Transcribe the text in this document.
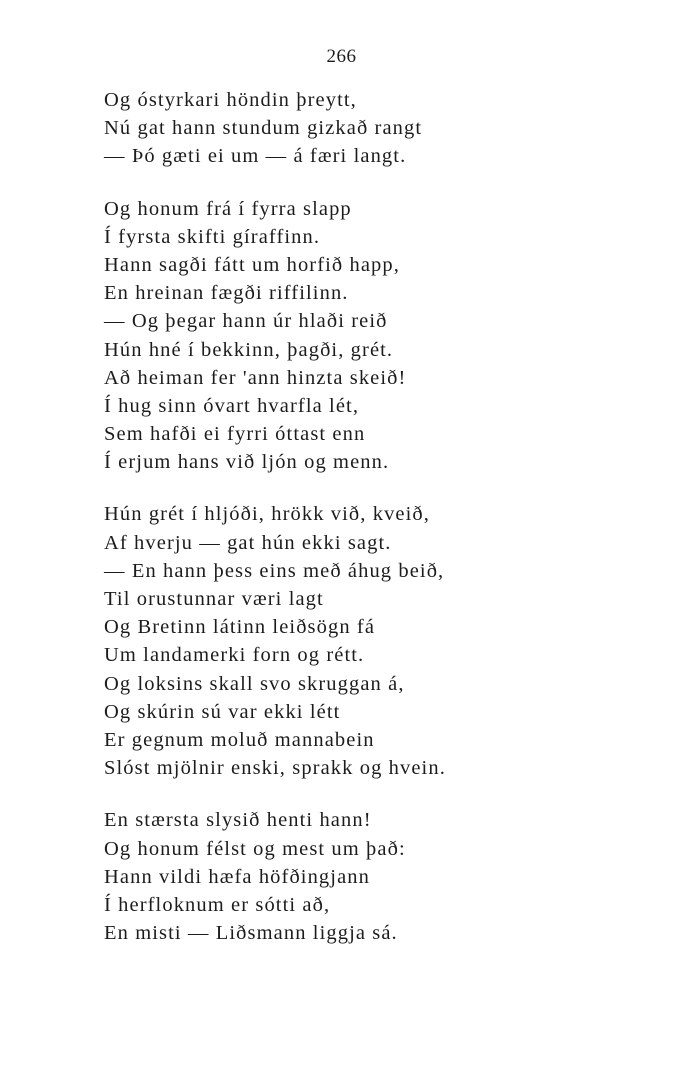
266
Og óstyrkari höndin þreytt,
Nú gat hann stundum gizkað rangt
— Þó gæti ei um — á færi langt.
Og honum frá í fyrra slapp
Í fyrsta skifti gíraffinn.
Hann sagði fátt um horfið happ,
En hreinan fægði riffilinn.
— Og þegar hann úr hlaði reið
Hún hné í bekkinn, þagði, grét.
Að heiman fer 'ann hinzta skeið!
Í hug sinn óvart hvarfla lét,
Sem hafði ei fyrri óttast enn
Í erjum hans við ljón og menn.
Hún grét í hljóði, hrökk við, kveið,
Af hverju — gat hún ekki sagt.
— En hann þess eins með áhug beið,
Til orustunnar væri lagt
Og Bretinn látinn leiðsögn fá
Um landamerki forn og rétt.
Og loksins skall svo skruggan á,
Og skúrin sú var ekki létt
Er gegnum moluð mannabein
Slóst mjölnir enski, sprakk og hvein.
En stærsta slysið henti hann!
Og honum félst og mest um það:
Hann vildi hæfa höfðingjann
Í herfloknum er sótti að,
En misti — Liðsmann liggja sá.
